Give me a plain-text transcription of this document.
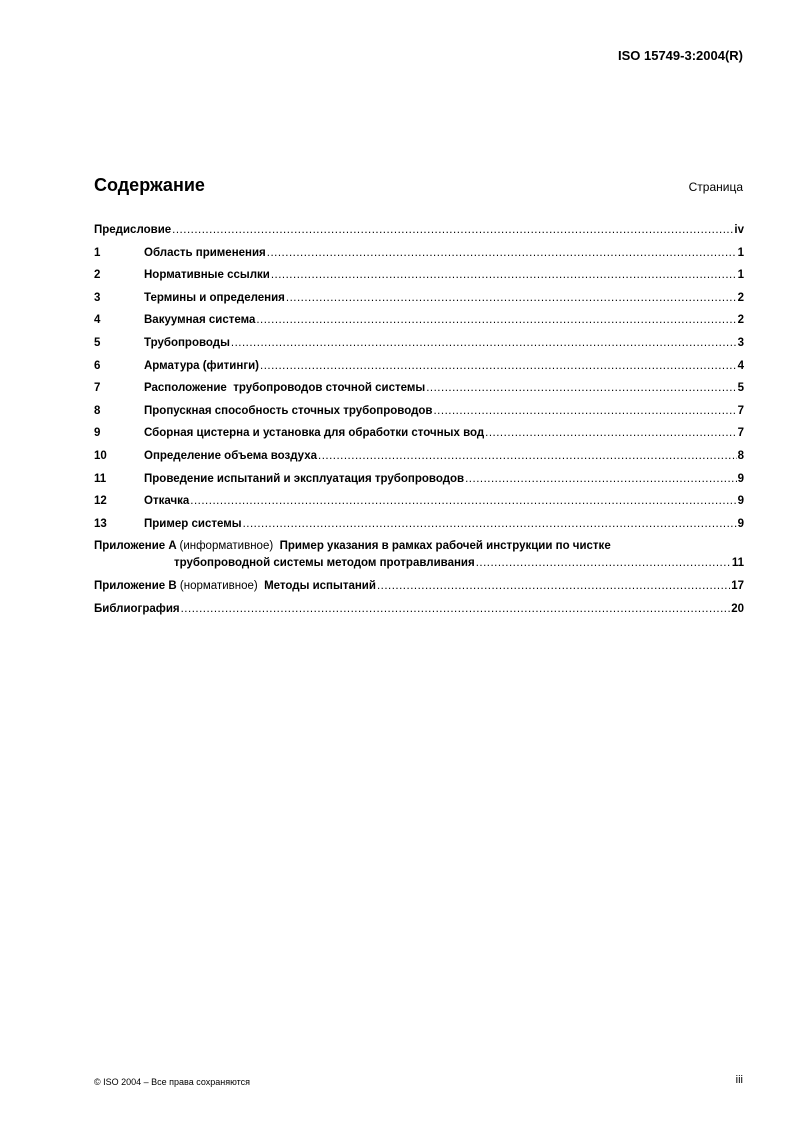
ISO 15749-3:2004(R)
Содержание	Страница
Предисловие .....	iv
1	Область применения .....	1
2	Нормативные ссылки .....	1
3	Термины и определения .....	2
4	Вакуумная система .....	2
5	Трубопроводы .....	3
6	Арматура (фитинги) .....	4
7	Расположение  трубопроводов сточной системы .....	5
8	Пропускная способность сточных трубопроводов .....	7
9	Сборная цистерна и установка для обработки сточных вод .....	7
10	Определение объема воздуха .....	8
11	Проведение испытаний и эксплуатация трубопроводов .....	9
12	Откачка .....	9
13	Пример системы .....	9
Приложение A (информативное) Пример указания в рамках рабочей инструкции по чистке
трубопроводной системы методом протравливания .....	11
Приложение B (нормативное) Методы испытаний .....	17
Библиография .....	20
© ISO 2004 – Все права сохраняются	iii
